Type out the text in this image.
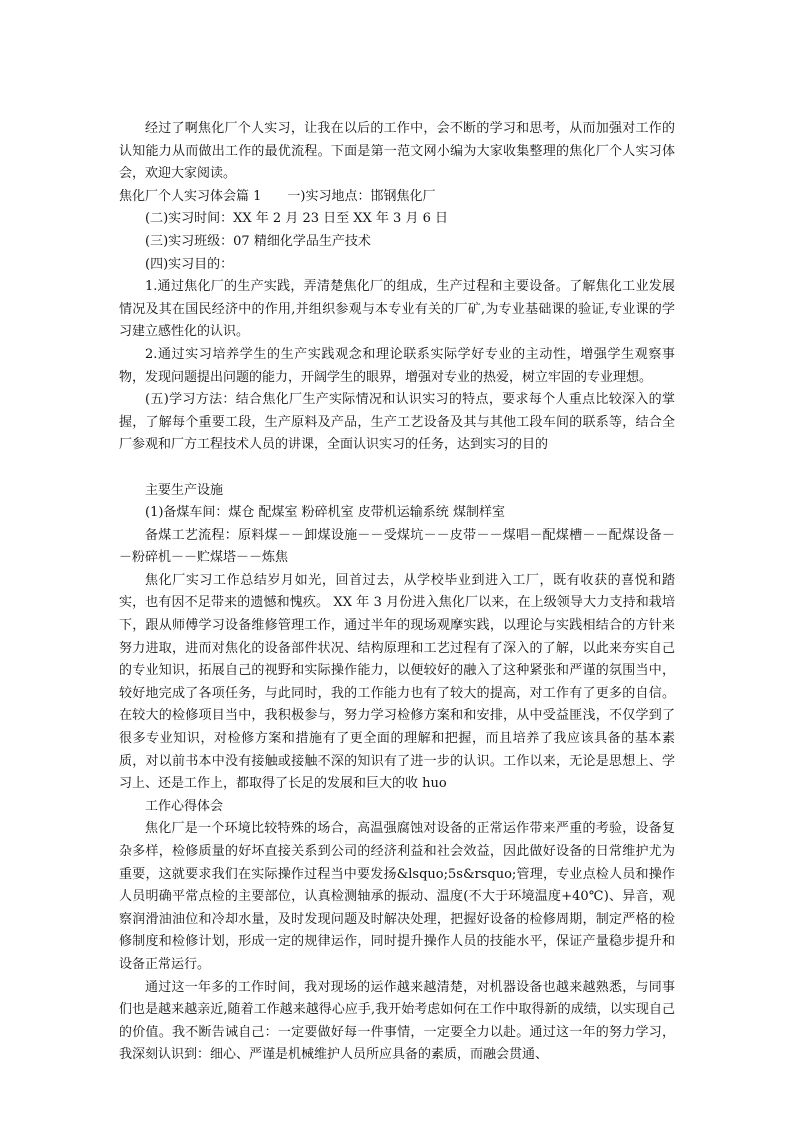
经过了啊焦化厂个人实习，让我在以后的工作中，会不断的学习和思考，从而加强对工作的认知能力从而做出工作的最优流程。下面是第一范文网小编为大家收集整理的焦化厂个人实习体会，欢迎大家阅读。

焦化厂个人实习体会篇 1 一)实习地点：邯钢焦化厂

(二)实习时间：XX 年 2 月 23 日至 XX 年 3 月 6 日

(三)实习班级：07 精细化学品生产技术

(四)实习目的：

1.通过焦化厂的生产实践，弄清楚焦化厂的组成，生产过程和主要设备。了解焦化工业发展情况及其在国民经济中的作用,并组织参观与本专业有关的厂矿,为专业基础课的验证,专业课的学习建立感性化的认识。

2.通过实习培养学生的生产实践观念和理论联系实际学好专业的主动性，增强学生观察事物，发现问题提出问题的能力，开阔学生的眼界，增强对专业的热爱，树立牢固的专业理想。

(五)学习方法：结合焦化厂生产实际情况和认识实习的特点，要求每个人重点比较深入的掌握，了解每个重要工段，生产原料及产品，生产工艺设备及其与其他工段车间的联系等，结合全厂参观和厂方工程技术人员的讲课，全面认识实习的任务，达到实习的目的

主要生产设施

(1)备煤车间：煤仓 配煤室 粉碎机室 皮带机运输系统 煤制样室

备煤工艺流程：原料煤－－卸煤设施－－受煤坑－－皮带－－煤唱－配煤槽－－配煤设备－－粉碎机－－贮煤塔－－炼焦

焦化厂实习工作总结岁月如光，回首过去，从学校毕业到进入工厂，既有收获的喜悦和踏实，也有因不足带来的遗憾和愧疚。 XX 年 3 月份进入焦化厂以来，在上级领导大力支持和栽培下，跟从师傅学习设备维修管理工作，通过半年的现场观摩实践，以理论与实践相结合的方针来努力进取，进而对焦化的设备部件状况、结构原理和工艺过程有了深入的了解，以此来夯实自己的专业知识，拓展自己的视野和实际操作能力，以便较好的融入了这种紧张和严谨的氛围当中，较好地完成了各项任务，与此同时，我的工作能力也有了较大的提高，对工作有了更多的自信。在较大的检修项目当中，我积极参与，努力学习检修方案和和安排，从中受益匪浅，不仅学到了很多专业知识，对检修方案和措施有了更全面的理解和把握，而且培养了我应该具备的基本素质，对以前书本中没有接触或接触不深的知识有了进一步的认识。工作以来，无论是思想上、学习上、还是工作上，都取得了长足的发展和巨大的收 huo

工作心得体会

焦化厂是一个环境比较特殊的场合，高温强腐蚀对设备的正常运作带来严重的考验，设备复杂多样，检修质量的好坏直接关系到公司的经济利益和社会效益，因此做好设备的日常维护尤为重要，这就要求我们在实际操作过程当中要发扬&lsquo;5s&rsquo;管理，专业点检人员和操作人员明确平常点检的主要部位，认真检测轴承的振动、温度(不大于环境温度+40℃)、异音，观察润滑油油位和冷却水量，及时发现问题及时解决处理，把握好设备的检修周期，制定严格的检修制度和检修计划，形成一定的规律运作，同时提升操作人员的技能水平，保证产量稳步提升和设备正常运行。

通过这一年多的工作时间，我对现场的运作越来越清楚，对机器设备也越来越熟悉，与同事们也是越来越亲近,随着工作越来越得心应手,我开始考虑如何在工作中取得新的成绩，以实现自己的价值。我不断告诫自己：一定要做好每一件事情，一定要全力以赴。通过这一年的努力学习，我深刻认识到：细心、严谨是机械维护人员所应具备的素质，而融会贯通、
